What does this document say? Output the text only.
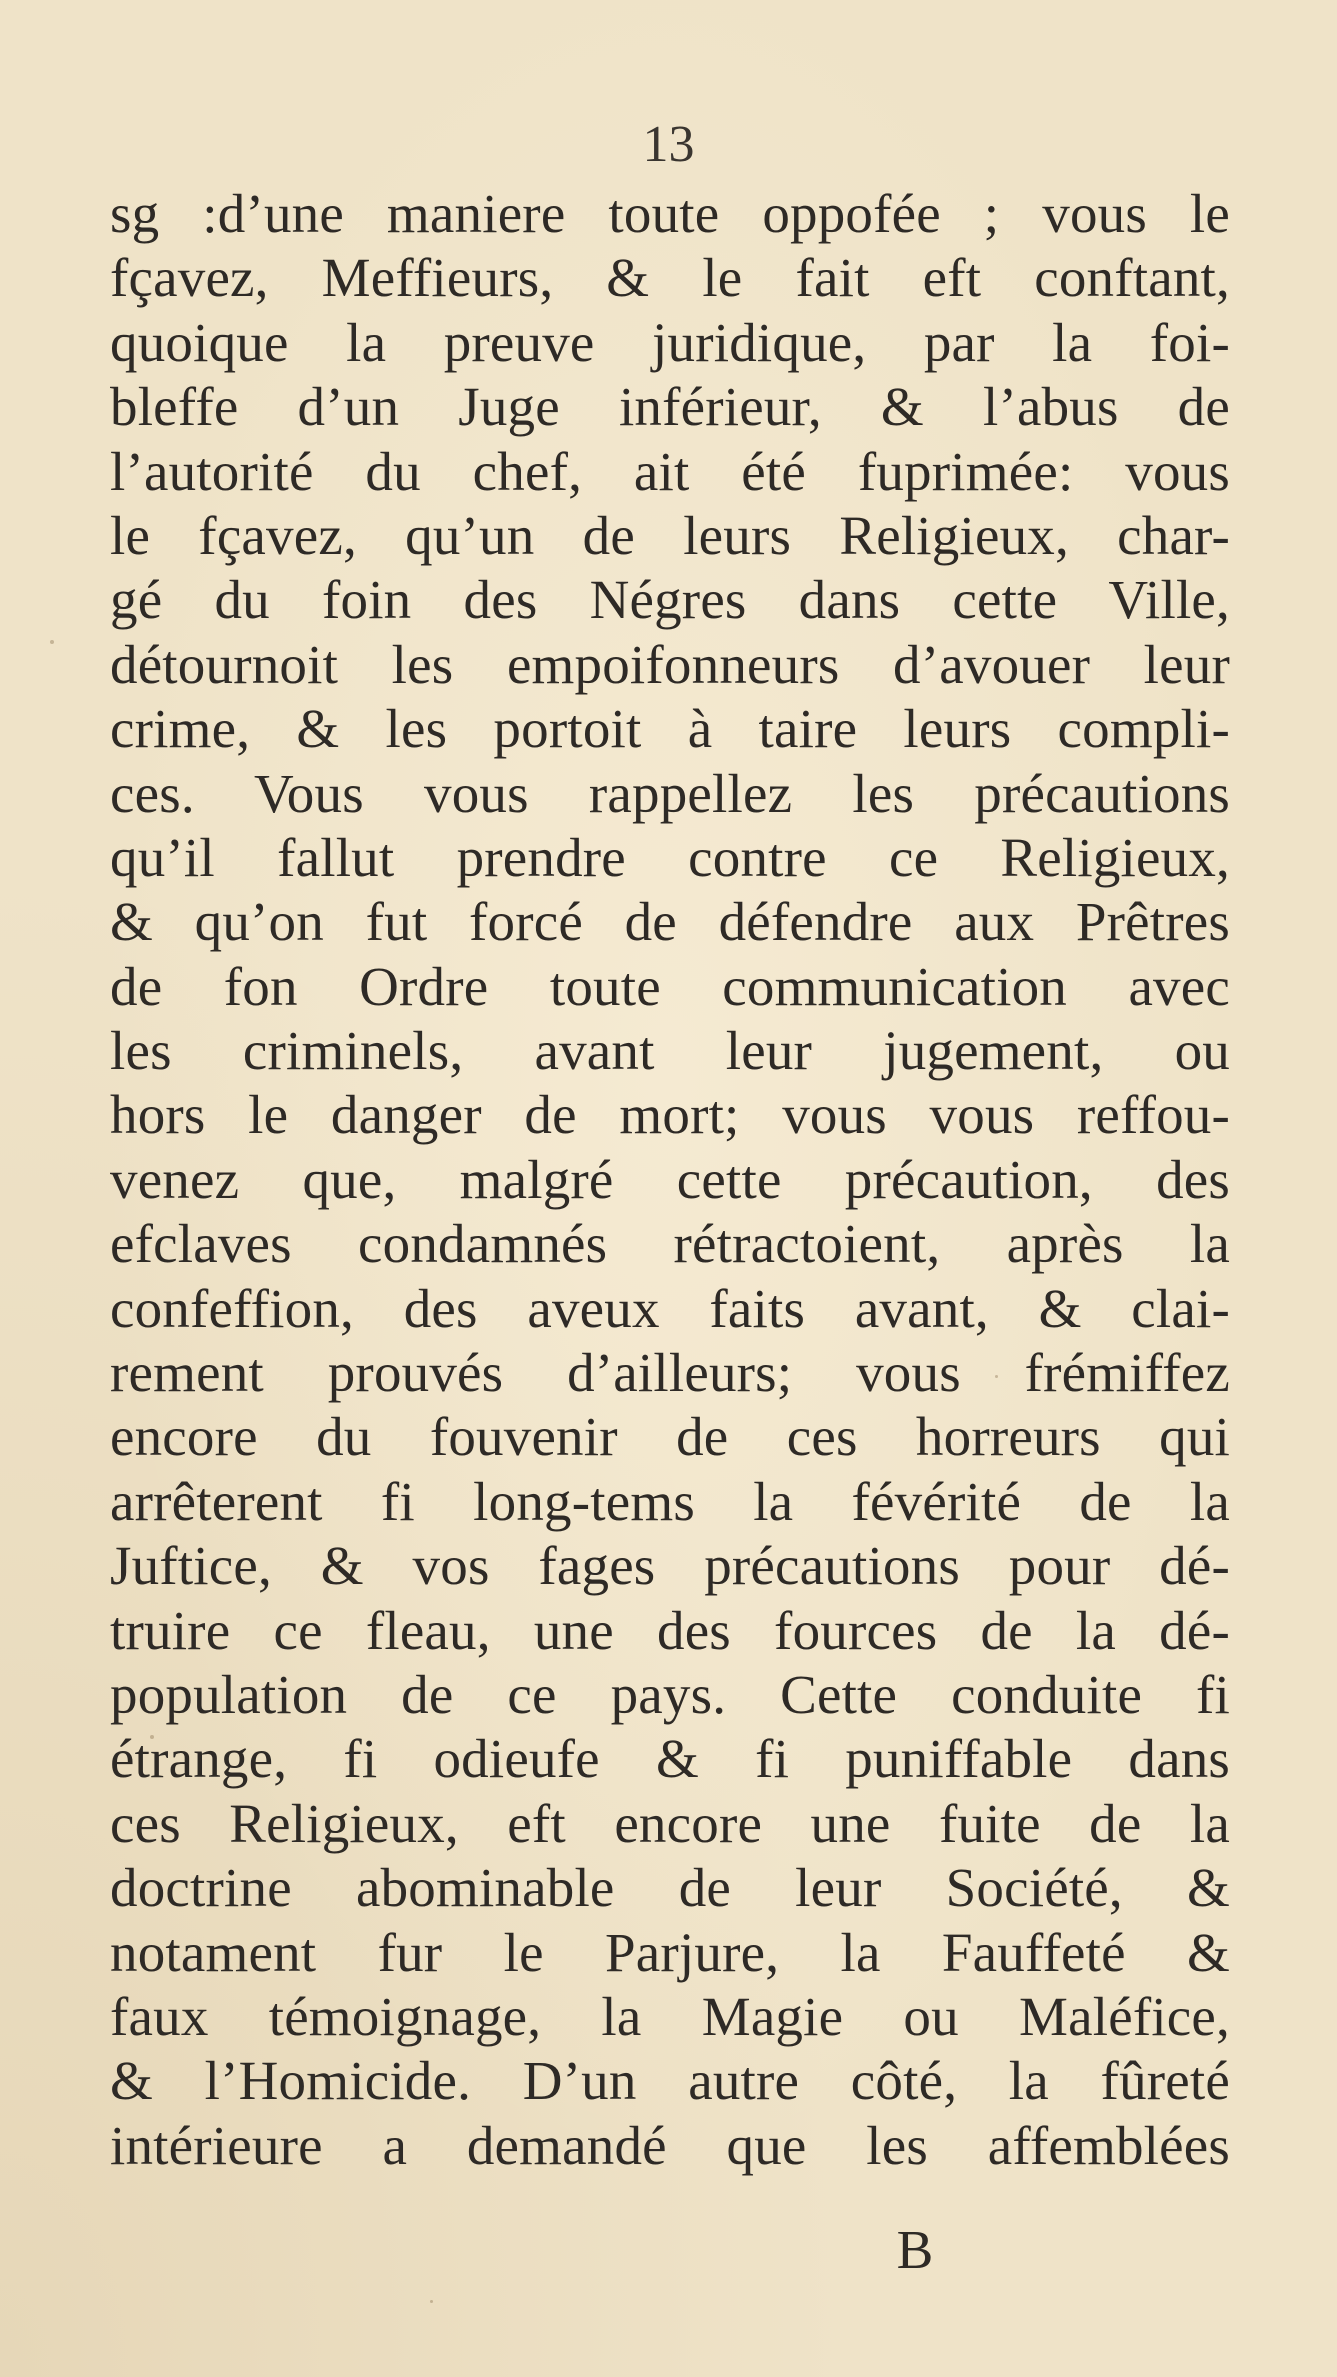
13
sg :d’une maniere toute oppofée ; vous le
fçavez, Meffieurs, & le fait eft conftant,
quoique la preuve juridique, par la foi-
bleffe d’un Juge inférieur, & l’abus de
l’autorité du chef, ait été fuprimée: vous
le fçavez, qu’un de leurs Religieux, char-
gé du foin des Négres dans cette Ville,
détournoit les empoifonneurs d’avouer leur
crime, & les portoit à taire leurs compli-
ces. Vous vous rappellez les précautions
qu’il fallut prendre contre ce Religieux,
& qu’on fut forcé de défendre aux Prêtres
de fon Ordre toute communication avec
les criminels, avant leur jugement, ou
hors le danger de mort; vous vous reffou-
venez que, malgré cette précaution, des
efclaves condamnés rétractoient, après la
confeffion, des aveux faits avant, & clai-
rement prouvés d’ailleurs; vous frémiffez
encore du fouvenir de ces horreurs qui
arrêterent fi long-tems la févérité de la
Juftice, & vos fages précautions pour dé-
truire ce fleau, une des fources de la dé-
population de ce pays. Cette conduite fi
étrange, fi odieufe & fi puniffable dans
ces Religieux, eft encore une fuite de la
doctrine abominable de leur Société, &
notament fur le Parjure, la Fauffeté &
faux témoignage, la Magie ou Maléfice,
& l’Homicide. D’un autre côté, la fûreté
intérieure a demandé que les affemblées
B
